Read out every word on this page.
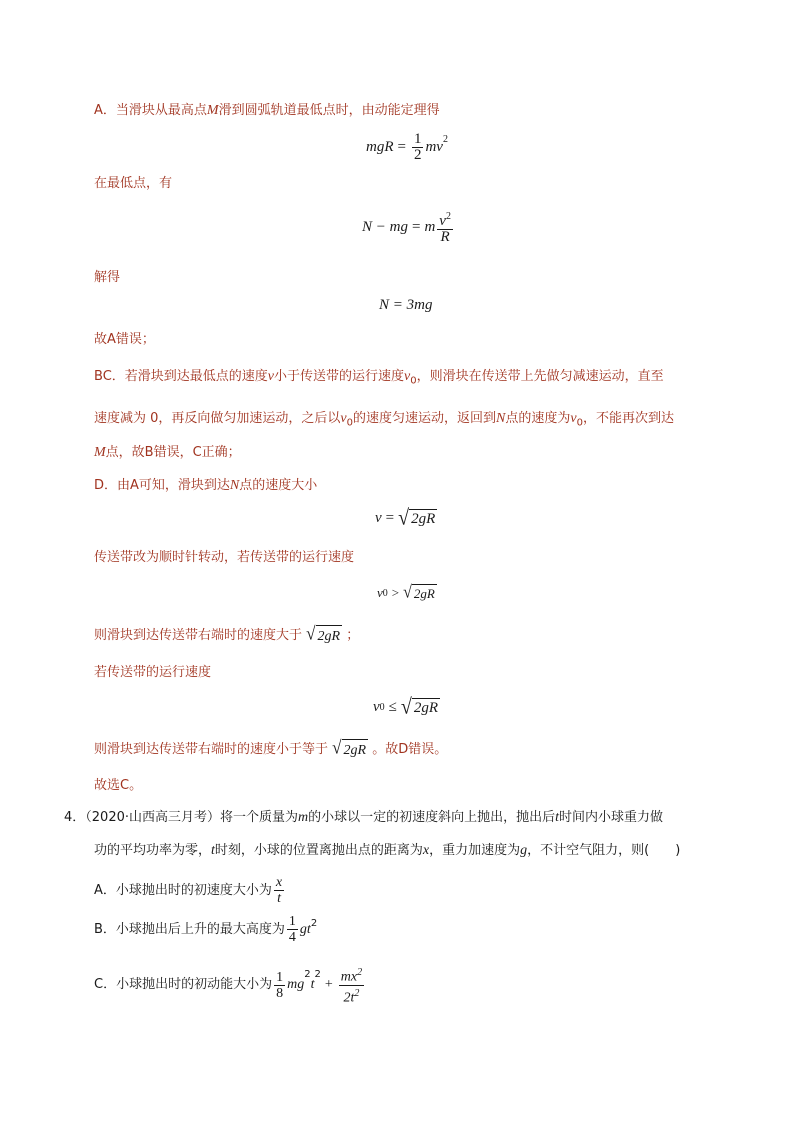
A．当滑块从最高点M滑到圆弧轨道最低点时，由动能定理得
mgR = $\frac{1}{2} mv^2$
在最低点，有
N − mg = m $\frac{v^2}{R}$
解得
N = 3mg
故A错误；
BC．若滑块到达最低点的速度v小于传送带的运行速度$v_0$，则滑块在传送带上先做匀减速运动，直至
速度减为 0，再反向做匀加速运动，之后以$v_0$的速度匀速运动，返回到N点的速度为$v_0$，不能再次到达
M点，故B错误，C正确；
D．由A可知，滑块到达N点的速度大小
v = √ 2gR
传送带改为顺时针转动，若传送带的运行速度
v 0 > √ 2gR
则滑块到达传送带右端时的速度大于 √ 2gR ；
若传送带的运行速度
v 0 ≤ √ 2gR
则滑块到达传送带右端时的速度小于等于 √ 2gR 。故D错误。
故选C。
4．（2020·山西高三月考）将一个质量为m的小球以一定的初速度斜向上抛出，抛出后t时间内小球重力做
功的平均功率为零，t时刻，小球的位置离抛出点的距离为x，重力加速度为g，不计空气阻力，则(　　)
A．小球抛出时的初速度大小为 $\frac{x}{t}$
B．小球抛出后上升的最大高度为 $\frac{1}{4} gt^2$
C．小球抛出时的初动能大小为 $\frac{1}{8}$ mg
$^2$
t
$^2$
+ $\frac{mx^2}{2t^2}$
